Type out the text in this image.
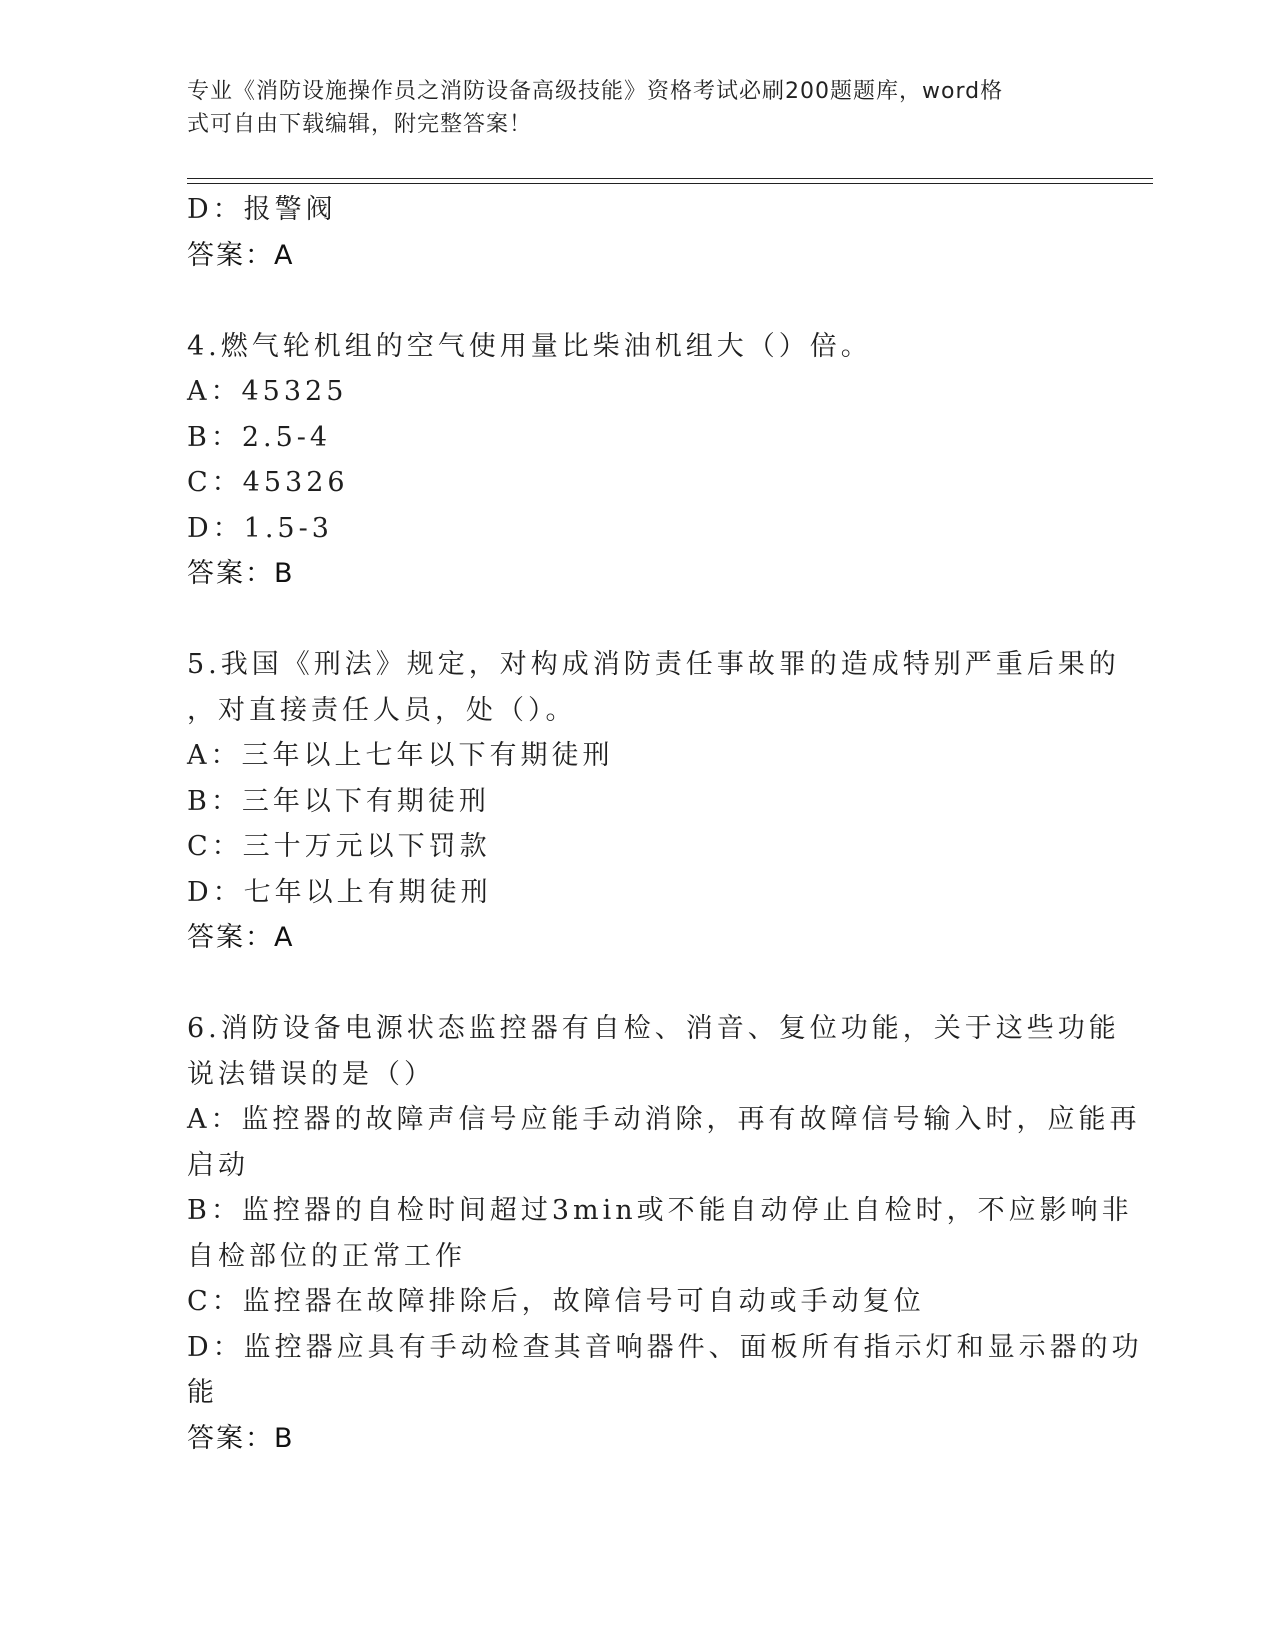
专业《消防设施操作员之消防设备高级技能》资格考试必刷200题题库，word格
式可自由下载编辑，附完整答案！
D：报警阀
答案：A
4.燃气轮机组的空气使用量比柴油机组大（）倍。
A：45325
B：2.5-4
C：45326
D：1.5-3
答案：B
5.我国《刑法》规定，对构成消防责任事故罪的造成特别严重后果的
，对直接责任人员，处（）。
A：三年以上七年以下有期徒刑
B：三年以下有期徒刑
C：三十万元以下罚款
D：七年以上有期徒刑
答案：A
6.消防设备电源状态监控器有自检、消音、复位功能，关于这些功能
说法错误的是（）
A：监控器的故障声信号应能手动消除，再有故障信号输入时，应能再
启动
B：监控器的自检时间超过3min或不能自动停止自检时，不应影响非
自检部位的正常工作
C：监控器在故障排除后，故障信号可自动或手动复位
D：监控器应具有手动检查其音响器件、面板所有指示灯和显示器的功
能
答案：B
